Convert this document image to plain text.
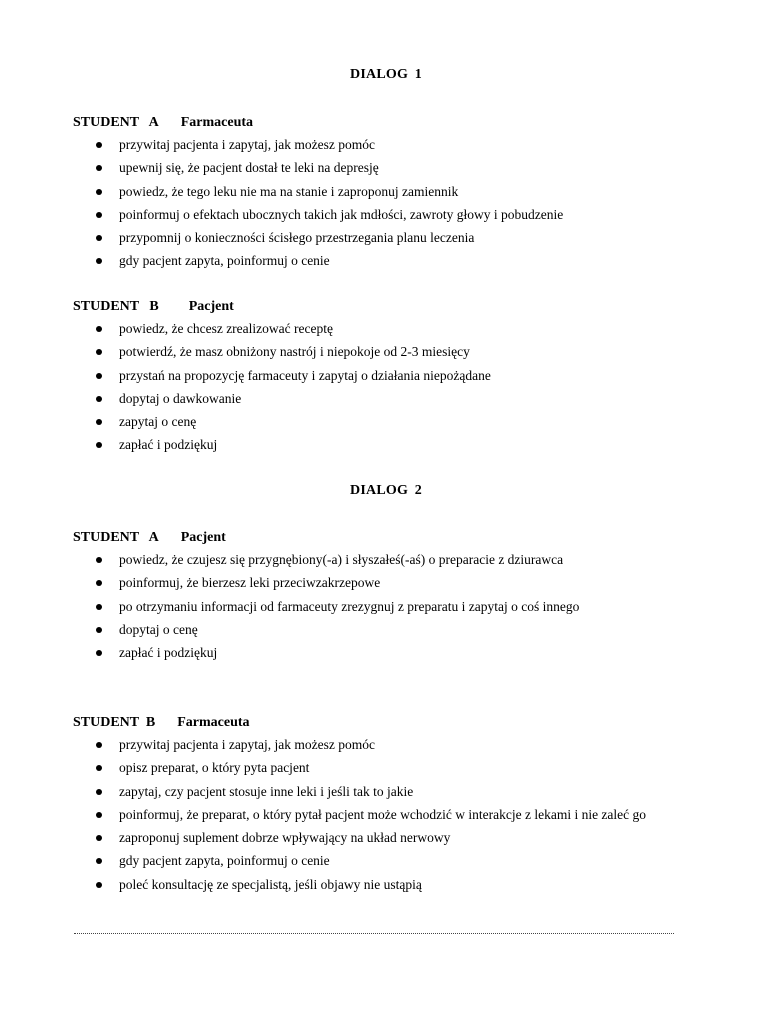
DIALOG 1
STUDENT   A Farmaceuta
przywitaj pacjenta i zapytaj, jak możesz pomóc
upewnij się, że pacjent dostał te leki na depresję
powiedz, że tego leku nie ma na stanie i zaproponuj zamiennik
poinformuj o efektach ubocznych takich jak mdłości, zawroty głowy i pobudzenie
przypomnij o konieczności ścisłego przestrzegania planu leczenia
gdy pacjent zapyta, poinformuj o cenie
STUDENT   B Pacjent
powiedz, że chcesz zrealizować receptę
potwierdź, że masz obniżony nastrój i niepokoje od 2-3 miesięcy
przystań na propozycję farmaceuty i zapytaj o działania niepożądane
dopytaj o dawkowanie
zapytaj o cenę
zapłać i podziękuj
DIALOG 2
STUDENT   A Pacjent
powiedz, że czujesz się przygnębiony(-a) i słyszałeś(-aś) o preparacie z dziurawca
poinformuj, że bierzesz leki przeciwzakrzepowe
po otrzymaniu informacji od farmaceuty zrezygnuj z preparatu i zapytaj o coś innego
dopytaj o cenę
zapłać i podziękuj
STUDENT  B Farmaceuta
przywitaj pacjenta i zapytaj, jak możesz pomóc
opisz preparat, o który pyta pacjent
zapytaj, czy pacjent stosuje inne leki i jeśli tak to jakie
poinformuj, że preparat, o który pytał pacjent może wchodzić w interakcje z lekami i nie zaleć go
zaproponuj suplement dobrze wpływający na układ nerwowy
gdy pacjent zapyta, poinformuj o cenie
poleć konsultację ze specjalistą, jeśli objawy nie ustąpią
